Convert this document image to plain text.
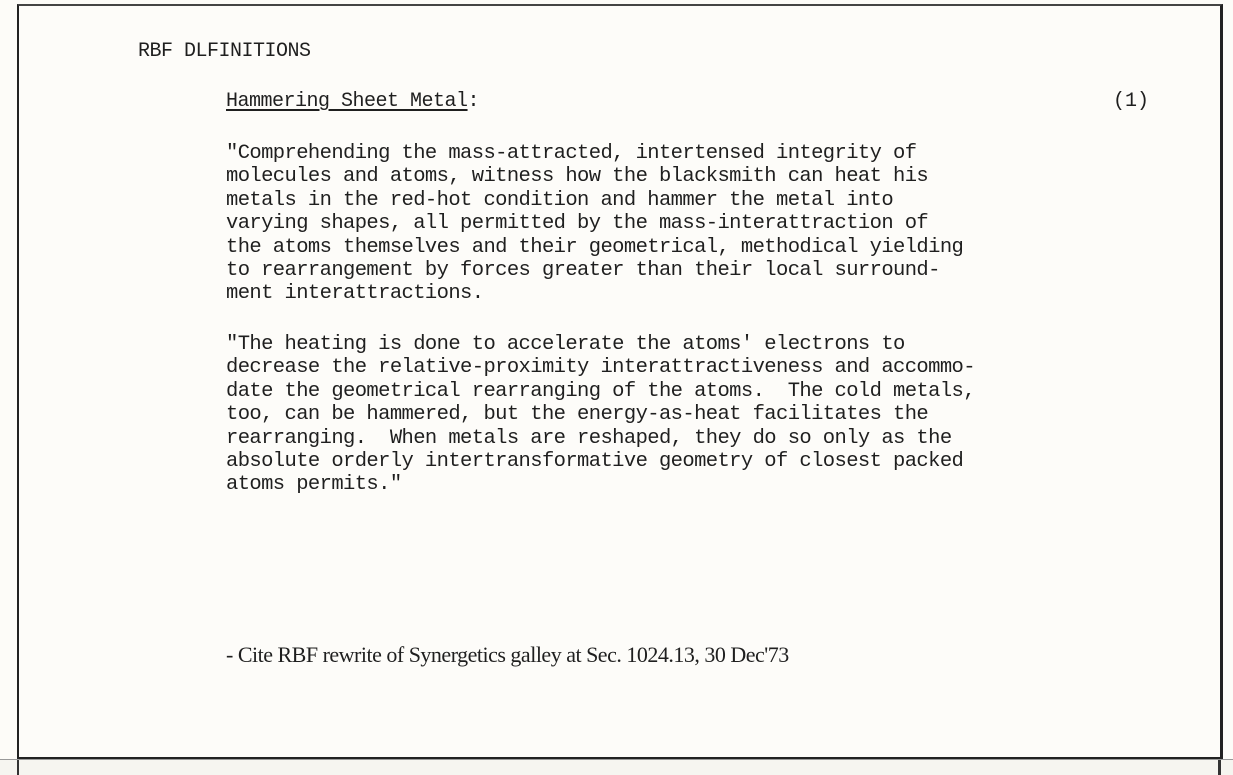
RBF DLFINITIONS
Hammering Sheet Metal:	(1)
"Comprehending the mass-attracted, intertensed integrity of
molecules and atoms, witness how the blacksmith can heat his
metals in the red-hot condition and hammer the metal into
varying shapes, all permitted by the mass-interattraction of
the atoms themselves and their geometrical, methodical yielding
to rearrangement by forces greater than their local surround-
ment interattractions.
"The heating is done to accelerate the atoms' electrons to
decrease the relative-proximity interattractiveness and accommo-
date the geometrical rearranging of the atoms.  The cold metals,
too, can be hammered, but the energy-as-heat facilitates the
rearranging.  When metals are reshaped, they do so only as the
absolute orderly intertransformative geometry of closest packed
atoms permits."
- Cite RBF rewrite of Synergetics galley at Sec. 1024.13, 30 Dec'73
